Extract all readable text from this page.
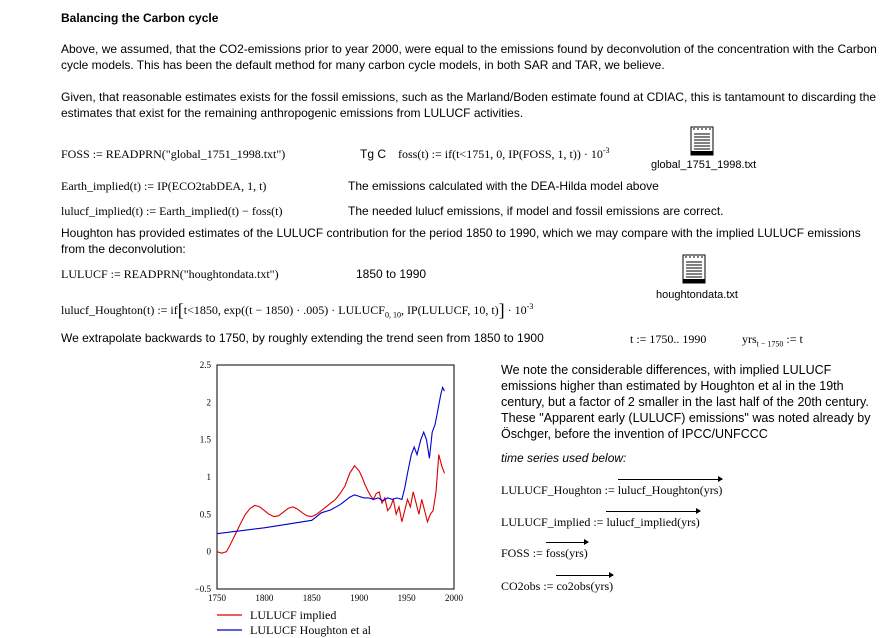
Balancing the Carbon cycle
Above, we assumed, that the CO2-emissions prior to year 2000, were equal to the emissions found by deconvolution of the concentration with the Carbon cycle models. This has been the default method for many carbon cycle models, in both SAR and TAR, we believe.
Given, that reasonable estimates exists for the fossil emissions, such as the Marland/Boden estimate found at CDIAC, this is tantamount to discarding the estimates that exist for the remaining anthropogenic emissions from LULUCF activities.
FOSS := READPRN("global_1751_1998.txt")	Tg C foss(t) := if(t<1751, 0, IP(FOSS, 1, $t)) \cdot 10^{-3}$
global_1751_1998.txt
Earth_implied(t) := IP(ECO2tabDEA, 1, t)	The emissions calculated with the DEA-Hilda model above
lulucf_implied(t) := Earth_implied(t) − foss(t)	The needed lulucf emissions, if model and fossil emissions are correct.
Houghton has provided estimates of the LULUCF contribution for the period 1850 to 1990, which we may compare with the implied LULUCF emissions from the deconvolution:
LULUCF := READPRN("houghtondata.txt")	1850 to 1990
houghtondata.txt
lulucf_Houghton(t) := if[t<1850, $\exp((t - 1850) \cdot .005) \cdot LULUCF_{0, 10}$, IP(LULUCF, 10, $t)] \cdot 10^{-3}$
We extrapolate backwards to 1750, by roughly extending the trend seen from 1850 to 1900	t := 1750.. 1990	yrs$_{t - 1750}$ := t
2.5
2
1.5
1
0.5
0
−0.5
1750	1800	1850	1900	1950	2000
LULUCF implied
LULUCF Houghton et al
We note the considerable differences, with implied LULUCF emissions higher than estimated by Houghton et al in the 19th century, but a factor of 2 smaller in the last half of the 20th century. These "Apparent early (LULUCF) emissions" was noted already by Öschger, before the invention of IPCC/UNFCCC
time series used below:
LULUCF_Houghton := lulucf_Houghton(yrs)
LULUCF_implied := lulucf_implied(yrs)
FOSS := foss(yrs)
CO2obs := co2obs(yrs)
